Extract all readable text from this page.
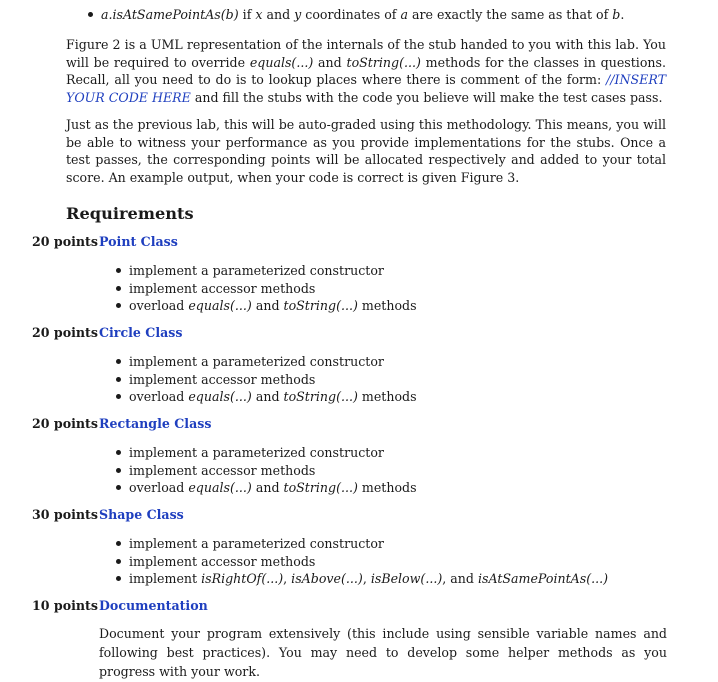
a.isAtSamePointAs(b) if x and y coordinates of a are exactly the same as that of b.
Figure 2 is a UML representation of the internals of the stub handed to you with this lab. You will be required to override equals(...) and toString(...) methods for the classes in questions. Recall, all you need to do is to lookup places where there is comment of the form: //INSERT YOUR CODE HERE and fill the stubs with the code you believe will make the test cases pass.
Just as the previous lab, this will be auto-graded using this methodology. This means, you will be able to witness your performance as you provide implementations for the stubs. Once a test passes, the corresponding points will be allocated respectively and added to your total score. An example output, when your code is correct is given Figure 3.
Requirements
20 points Point Class
implement a parameterized constructor
implement accessor methods
overload equals(...) and toString(...) methods
20 points Circle Class
implement a parameterized constructor
implement accessor methods
overload equals(...) and toString(...) methods
20 points Rectangle Class
implement a parameterized constructor
implement accessor methods
overload equals(...) and toString(...) methods
30 points Shape Class
implement a parameterized constructor
implement accessor methods
implement isRightOf(...), isAbove(...), isBelow(...), and isAtSamePointAs(...)
10 points Documentation
Document your program extensively (this include using sensible variable names and following best practices). You may need to develop some helper methods as you progress with your work.
